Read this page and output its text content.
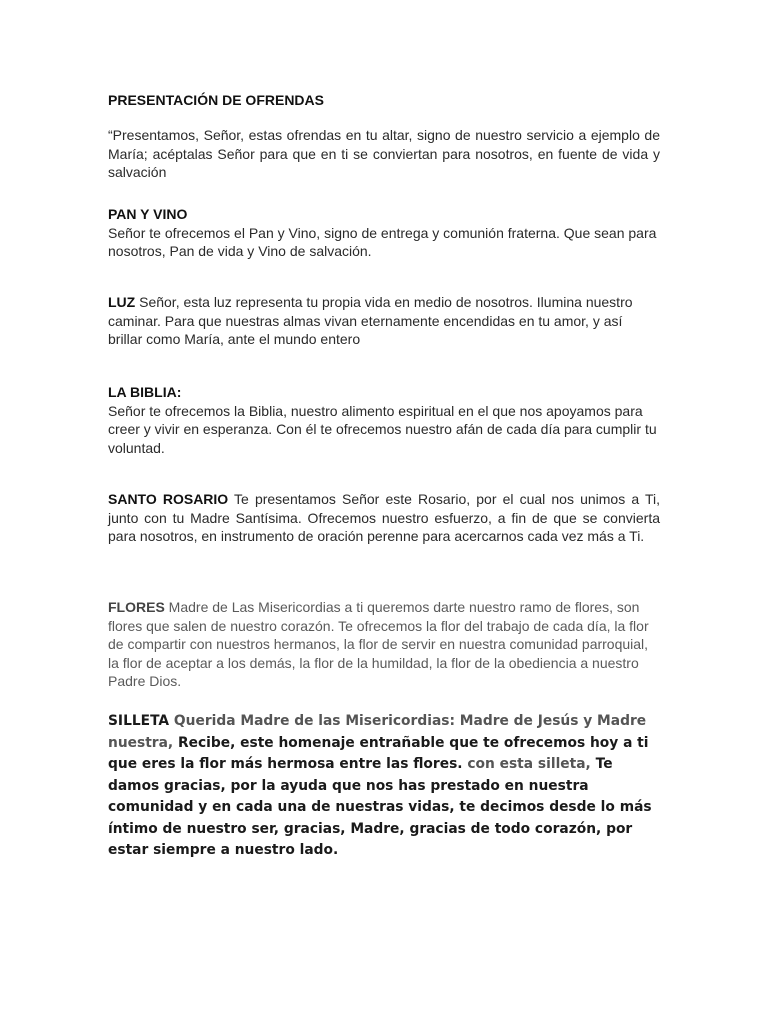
PRESENTACIÓN DE OFRENDAS

“Presentamos, Señor, estas ofrendas en tu altar, signo de nuestro servicio a ejemplo de María; acéptalas Señor para que en ti se conviertan para nosotros, en fuente de vida y salvación

PAN Y VINO
Señor te ofrecemos el Pan y Vino, signo de entrega y comunión fraterna. Que sean para nosotros, Pan de vida y Vino de salvación.

LUZ Señor, esta luz representa tu propia vida en medio de nosotros. Ilumina nuestro caminar. Para que nuestras almas vivan eternamente encendidas en tu amor, y así brillar como María, ante el mundo entero

LA BIBLIA:
Señor te ofrecemos la Biblia, nuestro alimento espiritual en el que nos apoyamos para creer y vivir en esperanza. Con él te ofrecemos nuestro afán de cada día para cumplir tu voluntad.

SANTO ROSARIO Te presentamos Señor este Rosario, por el cual nos unimos a Ti, junto con tu Madre Santísima. Ofrecemos nuestro esfuerzo, a fin de que se convierta para nosotros, en instrumento de oración perenne para acercarnos cada vez más a Ti.

FLORES Madre de Las Misericordias a ti queremos darte nuestro ramo de flores, son flores que salen de nuestro corazón. Te ofrecemos la flor del trabajo de cada día, la flor de compartir con nuestros hermanos, la flor de servir en nuestra comunidad parroquial, la flor de aceptar a los demás, la flor de la humildad, la flor de la obediencia a nuestro Padre Dios.

SILLETA Querida Madre de las Misericordias: Madre de Jesús y Madre nuestra, Recibe, este homenaje entrañable que te ofrecemos hoy a ti que eres la flor más hermosa entre las flores. con esta silleta, Te damos gracias, por la ayuda que nos has prestado en nuestra comunidad y en cada una de nuestras vidas, te decimos desde lo más íntimo de nuestro ser, gracias, Madre, gracias de todo corazón, por estar siempre a nuestro lado.
